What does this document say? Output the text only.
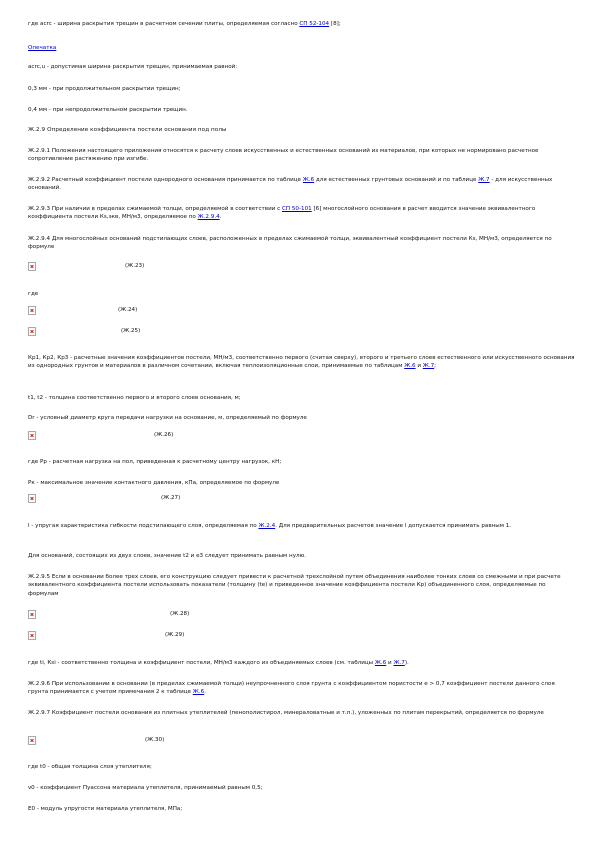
где acrc - ширина раскрытия трещин в расчетном сечении плиты, определяемая согласно СП 52-104 [8];

Опечатка

acrc,u - допустимая ширина раскрытия трещин, принимаемая равной:

0,3 мм - при продолжительном раскрытии трещин;

0,4 мм - при непродолжительном раскрытии трещин.

Ж.2.9 Определение коэффициента постели основания под полы

Ж.2.9.1 Положения настоящего приложения относятся к расчету слоев искусственных и естественных оснований из материалов, при которых не нормировано расчетное сопротивление растяжению при изгибе.

Ж.2.9.2 Расчетный коэффициент постели однородного основания принимается по таблице Ж.6 для естественных грунтовых оснований и по таблице Ж.7 - для искусственных оснований.

Ж.2.9.3 При наличии в пределах сжимаемой толщи, определяемой в соответствии с СП 50-101 [6] многослойного основания в расчет вводится значение эквивалентного коэффициента постели Кs,экв, МН/м3, определяемое по Ж.2.9.4.

Ж.2.9.4 Для многослойных оснований подстилающих слоев, расположенных в пределах сжимаемой толщи, эквивалентный коэффициент постели Кs, МН/м3, определяется по формуле

(Ж.23)

где

(Ж.24)
(Ж.25)

Кр1, Кр2, Кр3 - расчетные значения коэффициентов постели, МН/м3, соответственно первого (считая сверху), второго и третьего слоев естественного или искусственного основания из однородных грунтов и материалов в различном сочетании, включая теплоизоляционные слои, принимаемые по таблицам Ж.6 и Ж.7;

t1, t2 - толщина соответственно первого и второго слоев основания, м;

Dr - условный диаметр круга передачи нагрузки на основание, м, определяемый по формуле

(Ж.26)

где Рр - расчетная нагрузка на пол, приведенная к расчетному центру нагрузок, кН;

Рк - максимальное значение контактного давления, кПа, определяемое по формуле

(Ж.27)

l - упругая характеристика гибкости подстилающего слоя, определяемая по Ж.2.4. Для предварительных расчетов значение l допускается принимать равным 1.

Для оснований, состоящих из двух слоев, значение t2 и e3 следует принимать равным нулю.

Ж.2.9.5 Если в основании более трех слоев, его конструкцию следует привести к расчетной трехслойной путем объединения наиболее тонких слоев со смежными и при расчете эквивалентного коэффициента постели использовать показатели (толщину (te) и приведенное значение коэффициента постели Кр) объединенного слоя, определяемые по формулам

(Ж.28)
(Ж.29)

где ti, Кsi - соответственно толщина и коэффициент постели, МН/м3 каждого из объединяемых слоев (см. таблицы Ж.6 и Ж.7).

Ж.2.9.6 При использовании в основании (в пределах сжимаемой толщи) неупрочненного слоя грунта с коэффициентом пористости е > 0,7 коэффициент постели данного слоя грунта принимается с учетом примечания 2 к таблице Ж.6.

Ж.2.9.7 Коэффициент постели основания из плитных утеплителей (пенополистирол, минераловатные и т.п.), уложенных по плитам перекрытий, определяется по формуле

(Ж.30)

где t0 - общая толщина слоя утеплителя;

ν0 - коэффициент Пуассона материала утеплителя, принимаемый равным 0,5;

Е0 - модуль упругости материала утеплителя, МПа;
